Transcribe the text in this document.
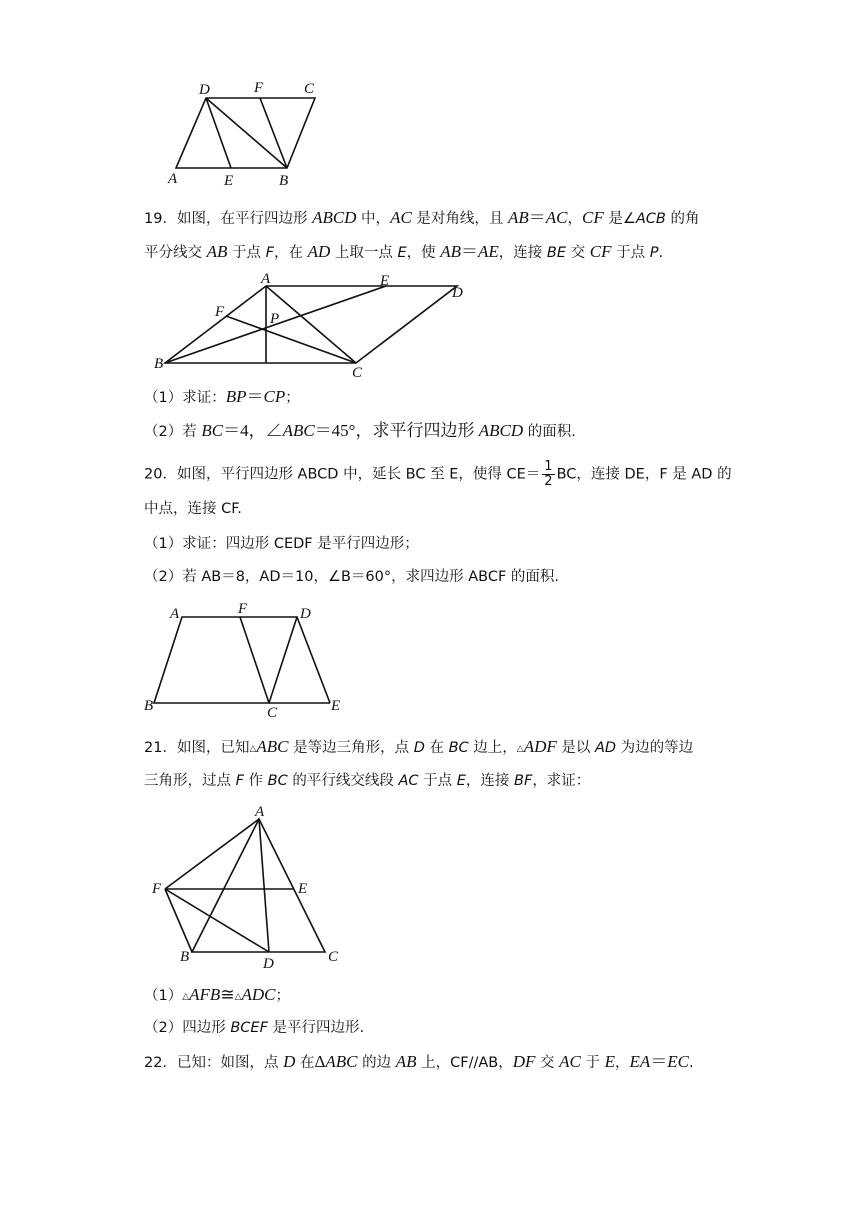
D	F	C
A	E	B
19．如图，在平行四边形 ABCD 中，AC 是对角线，且 AB＝AC，CF 是∠ACB 的角
平分线交 AB 于点 F，在 AD 上取一点 E，使 AB＝AE，连接 BE 交 CF 于点 P.
A	E
D
F	P
B
C
（1）求证：BP＝CP；
（2）若 BC＝4，∠ABC＝45°，求平行四边形 ABCD 的面积.
20．如图，平行四边形 ABCD 中，延长 BC 至 E，使得 $CE= \frac{1}{2}$ BC，连接 DE，F 是 AD 的
中点，连接 CF.
（1）求证：四边形 CEDF 是平行四边形；
（2）若 AB＝8，AD＝10，∠B＝60°，求四边形 ABCF 的面积.
A	F	D
B	C	E
21．如图，已知△ABC 是等边三角形，点 D 在 BC 边上，△ADF 是以 AD 为边的等边
三角形，过点 F 作 BC 的平行线交线段 AC 于点 E，连接 BF，求证：
A
F	E
B	D	C
（1）△AFB≅△ADC；
（2）四边形 BCEF 是平行四边形.
22．已知：如图，点 D 在ΔABC 的边 AB 上，CF//AB，DF 交 AC 于 E，EA＝EC.
